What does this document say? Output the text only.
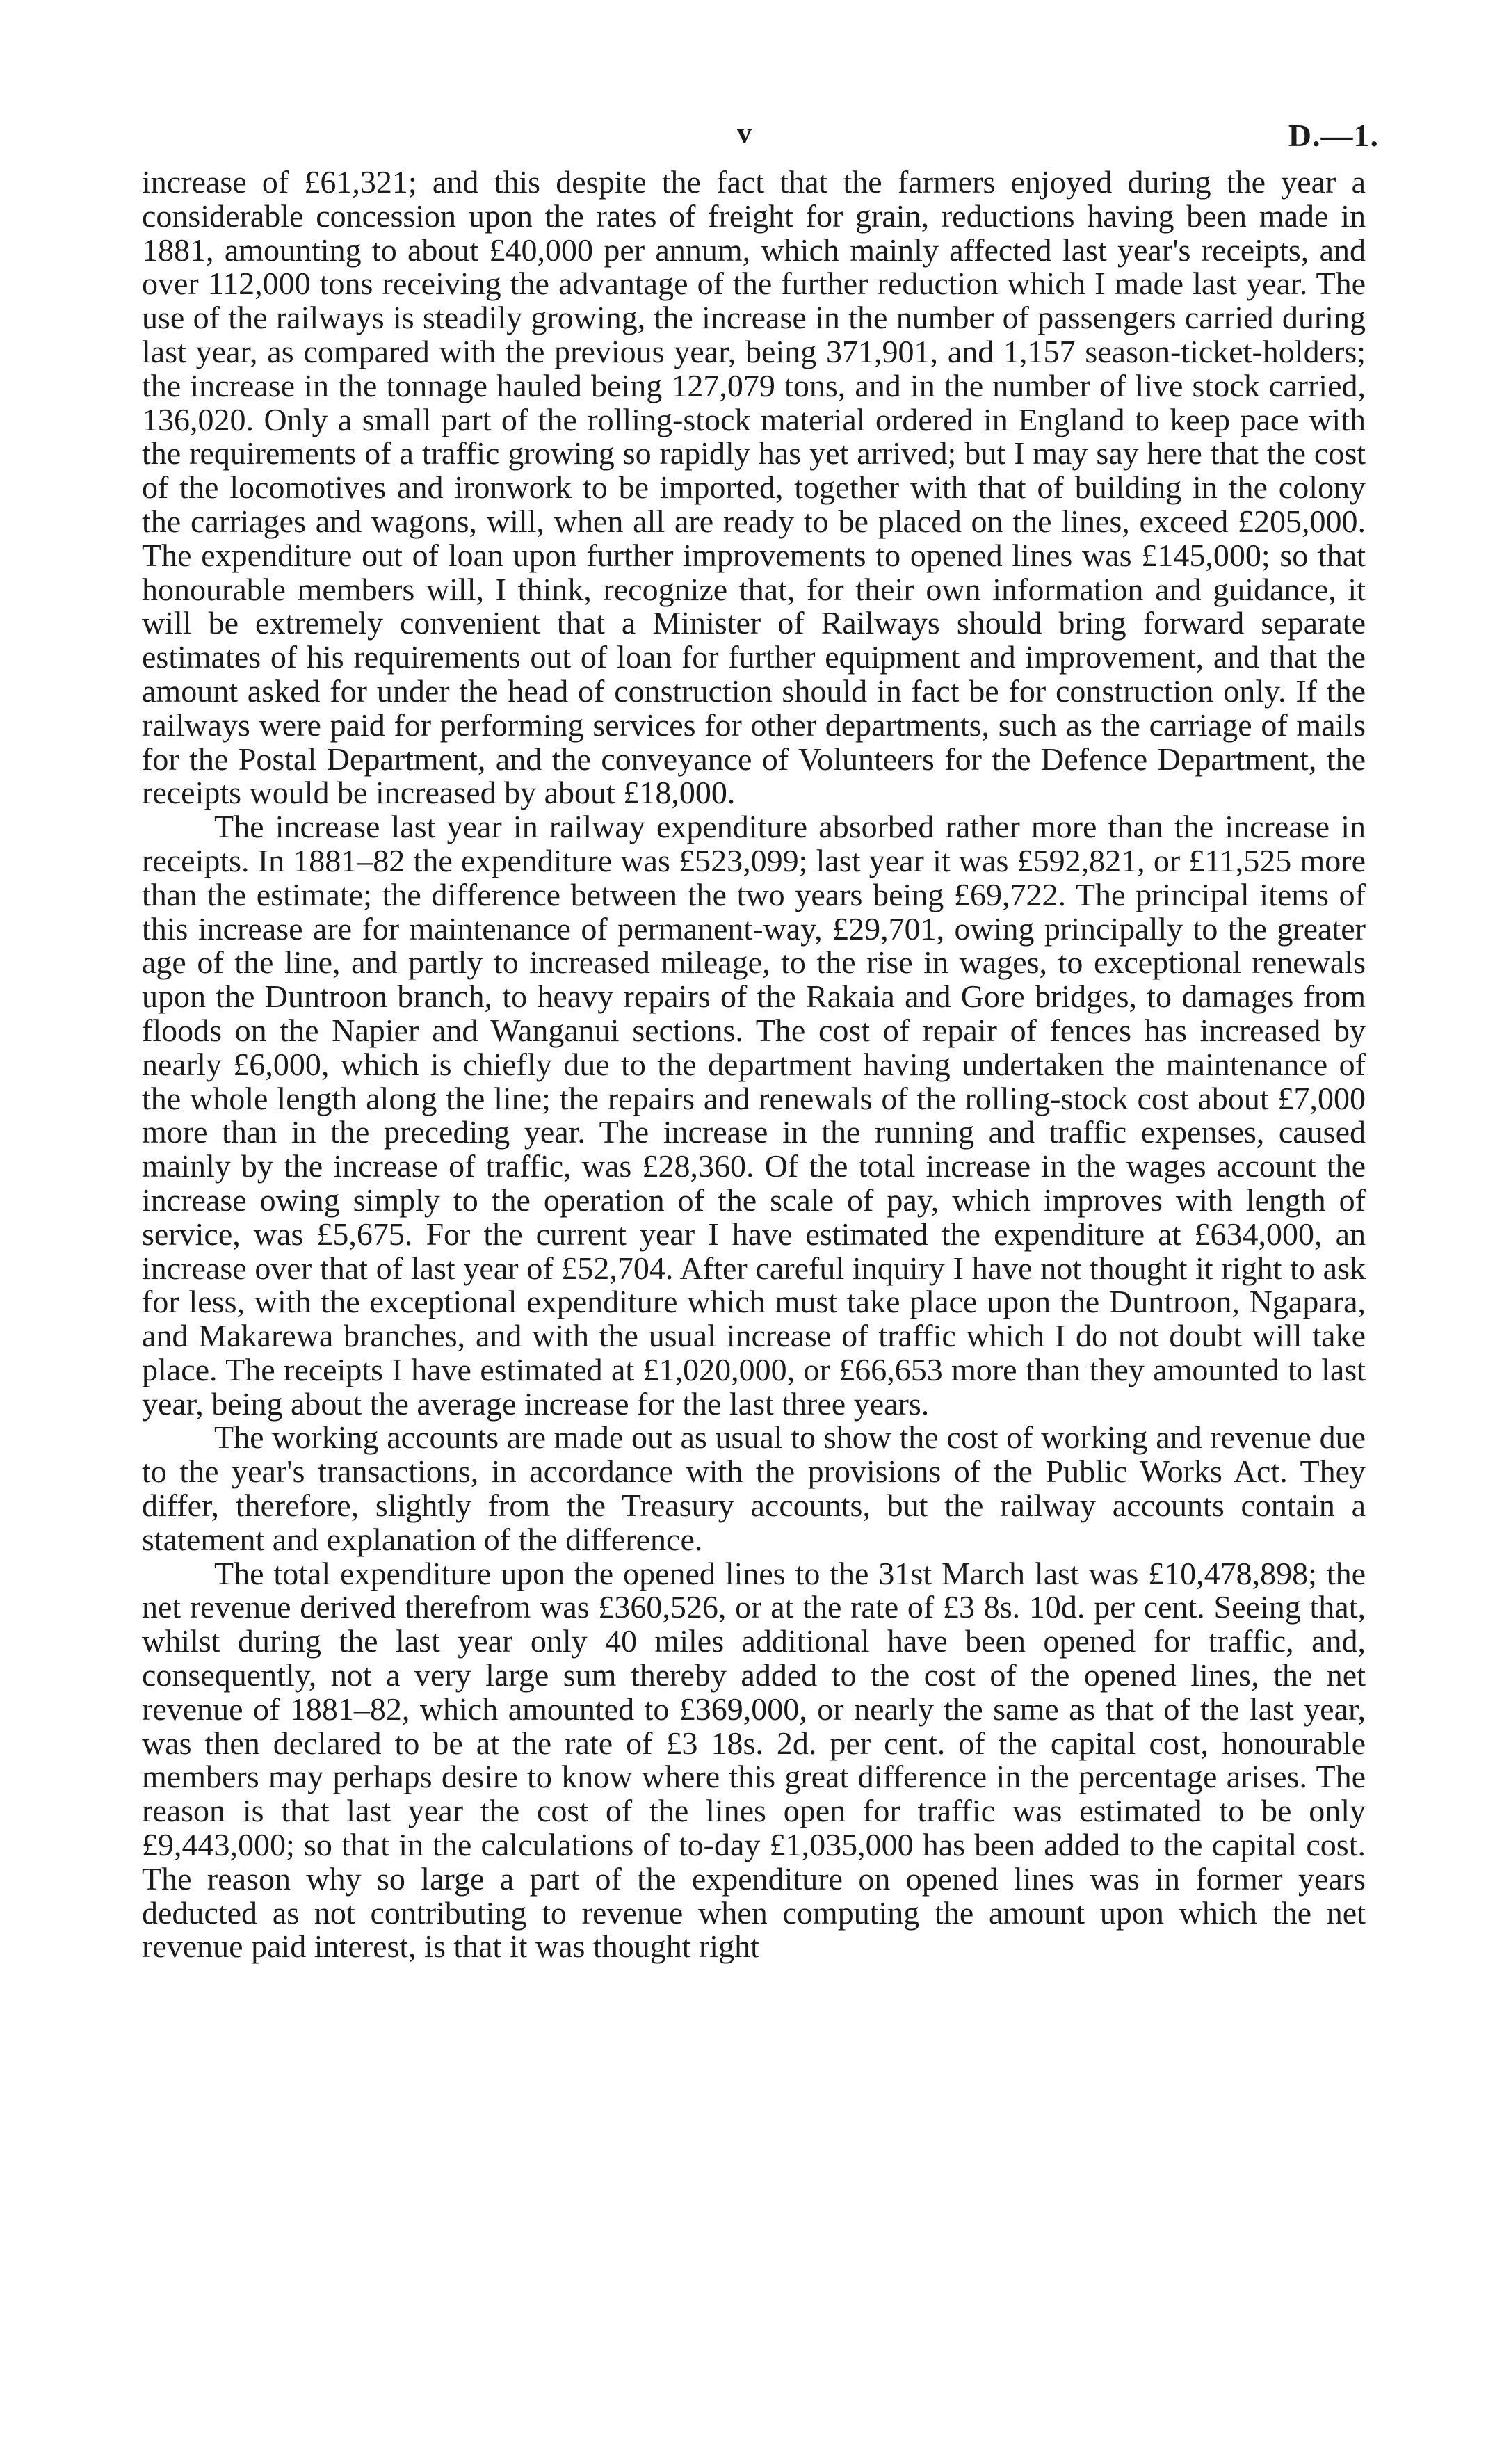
v	D.—1.

increase of £61,321; and this despite the fact that the farmers enjoyed during the year a considerable concession upon the rates of freight for grain, reductions having been made in 1881, amounting to about £40,000 per annum, which mainly affected last year's receipts, and over 112,000 tons receiving the advantage of the further reduction which I made last year. The use of the railways is steadily growing, the increase in the number of passengers carried during last year, as compared with the previous year, being 371,901, and 1,157 season-ticket-holders; the increase in the tonnage hauled being 127,079 tons, and in the number of live stock carried, 136,020. Only a small part of the rolling-stock material ordered in England to keep pace with the requirements of a traffic growing so rapidly has yet arrived; but I may say here that the cost of the locomotives and ironwork to be imported, together with that of building in the colony the carriages and wagons, will, when all are ready to be placed on the lines, exceed £205,000. The expenditure out of loan upon further improvements to opened lines was £145,000; so that honourable members will, I think, recognize that, for their own information and guidance, it will be extremely convenient that a Minister of Railways should bring forward separate estimates of his requirements out of loan for further equipment and improvement, and that the amount asked for under the head of construction should in fact be for construction only. If the railways were paid for performing services for other departments, such as the carriage of mails for the Postal Department, and the conveyance of Volunteers for the Defence Department, the receipts would be increased by about £18,000.

The increase last year in railway expenditure absorbed rather more than the increase in receipts. In 1881–82 the expenditure was £523,099; last year it was £592,821, or £11,525 more than the estimate; the difference between the two years being £69,722. The principal items of this increase are for maintenance of permanent-way, £29,701, owing principally to the greater age of the line, and partly to increased mileage, to the rise in wages, to exceptional renewals upon the Duntroon branch, to heavy repairs of the Rakaia and Gore bridges, to damages from floods on the Napier and Wanganui sections. The cost of repair of fences has increased by nearly £6,000, which is chiefly due to the department having undertaken the maintenance of the whole length along the line; the repairs and renewals of the rolling-stock cost about £7,000 more than in the preceding year. The increase in the running and traffic expenses, caused mainly by the increase of traffic, was £28,360. Of the total increase in the wages account the increase owing simply to the operation of the scale of pay, which improves with length of service, was £5,675. For the current year I have estimated the expenditure at £634,000, an increase over that of last year of £52,704. After careful inquiry I have not thought it right to ask for less, with the exceptional expenditure which must take place upon the Duntroon, Ngapara, and Makarewa branches, and with the usual increase of traffic which I do not doubt will take place. The receipts I have estimated at £1,020,000, or £66,653 more than they amounted to last year, being about the average increase for the last three years.

The working accounts are made out as usual to show the cost of working and revenue due to the year's transactions, in accordance with the provisions of the Public Works Act. They differ, therefore, slightly from the Treasury accounts, but the railway accounts contain a statement and explanation of the difference.

The total expenditure upon the opened lines to the 31st March last was £10,478,898; the net revenue derived therefrom was £360,526, or at the rate of £3 8s. 10d. per cent. Seeing that, whilst during the last year only 40 miles additional have been opened for traffic, and, consequently, not a very large sum thereby added to the cost of the opened lines, the net revenue of 1881–82, which amounted to £369,000, or nearly the same as that of the last year, was then declared to be at the rate of £3 18s. 2d. per cent. of the capital cost, honourable members may perhaps desire to know where this great difference in the percentage arises. The reason is that last year the cost of the lines open for traffic was estimated to be only £9,443,000; so that in the calculations of to-day £1,035,000 has been added to the capital cost. The reason why so large a part of the expenditure on opened lines was in former years deducted as not contributing to revenue when computing the amount upon which the net revenue paid interest, is that it was thought right
